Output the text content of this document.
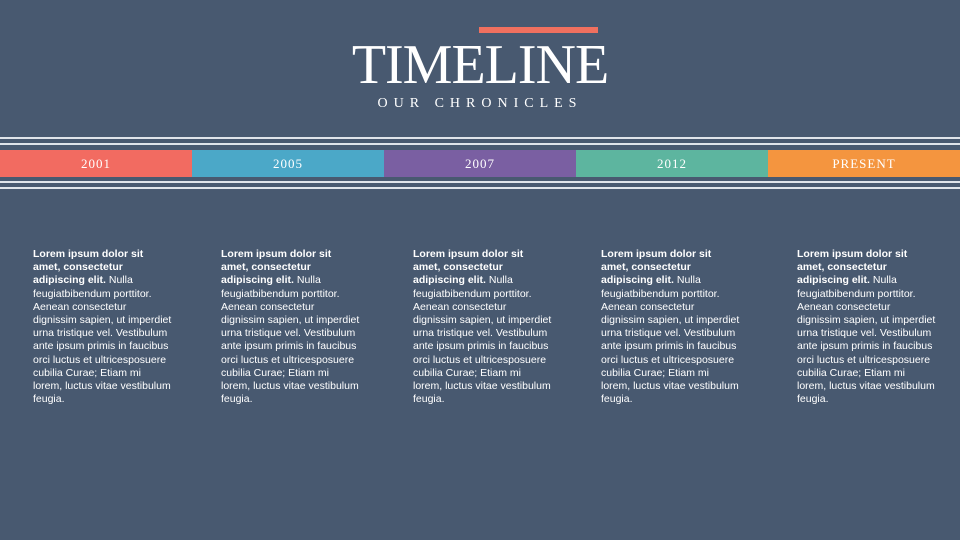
TIMELINE
OUR CHRONICLES
2001	2005	2007	2012	PRESENT
Lorem ipsum dolor sit amet, consectetur adipiscing elit. Nulla feugiatbibendum porttitor. Aenean consectetur dignissim sapien, ut imperdiet urna tristique vel. Vestibulum ante ipsum primis in faucibus orci luctus et ultricesposuere cubilia Curae; Etiam mi lorem, luctus vitae vestibulum feugia.
Lorem ipsum dolor sit amet, consectetur adipiscing elit. Nulla feugiatbibendum porttitor. Aenean consectetur dignissim sapien, ut imperdiet urna tristique vel. Vestibulum ante ipsum primis in faucibus orci luctus et ultricesposuere cubilia Curae; Etiam mi lorem, luctus vitae vestibulum feugia.
Lorem ipsum dolor sit amet, consectetur adipiscing elit. Nulla feugiatbibendum porttitor. Aenean consectetur dignissim sapien, ut imperdiet urna tristique vel. Vestibulum ante ipsum primis in faucibus orci luctus et ultricesposuere cubilia Curae; Etiam mi lorem, luctus vitae vestibulum feugia.
Lorem ipsum dolor sit amet, consectetur adipiscing elit. Nulla feugiatbibendum porttitor. Aenean consectetur dignissim sapien, ut imperdiet urna tristique vel. Vestibulum ante ipsum primis in faucibus orci luctus et ultricesposuere cubilia Curae; Etiam mi lorem, luctus vitae vestibulum feugia.
Lorem ipsum dolor sit amet, consectetur adipiscing elit. Nulla feugiatbibendum porttitor. Aenean consectetur dignissim sapien, ut imperdiet urna tristique vel. Vestibulum ante ipsum primis in faucibus orci luctus et ultricesposuere cubilia Curae; Etiam mi lorem, luctus vitae vestibulum feugia.
